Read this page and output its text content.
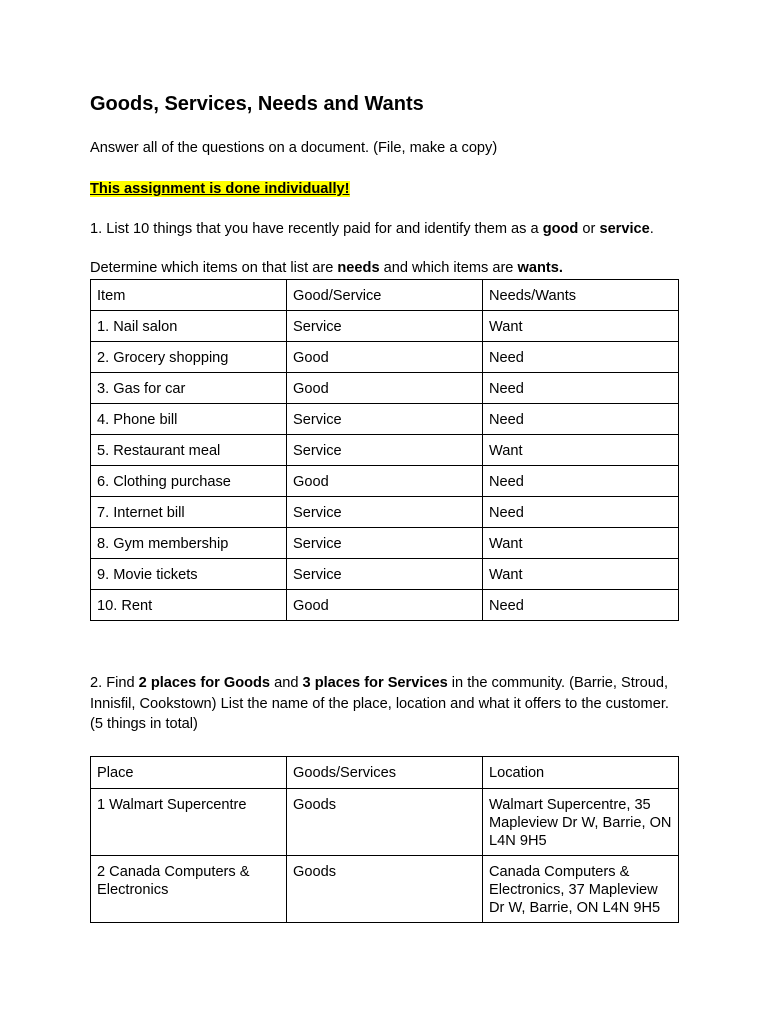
Goods, Services, Needs and Wants
Answer all of the questions on a document. (File, make a copy)
This assignment is done individually!
1. List 10 things that you have recently paid for and identify them as a good or service.
Determine which items on that list are needs and which items are wants.
Item	Good/Service	Needs/Wants
1. Nail salon	Service	Want
2. Grocery shopping	Good	Need
3. Gas for car	Good	Need
4. Phone bill	Service	Need
5. Restaurant meal	Service	Want
6. Clothing purchase	Good	Need
7. Internet bill	Service	Need
8. Gym membership	Service	Want
9. Movie tickets	Service	Want
10. Rent	Good	Need
2. Find 2 places for Goods and 3 places for Services in the community. (Barrie, Stroud, Innisfil, Cookstown) List the name of the place, location and what it offers to the customer. (5 things in total)
Place	Goods/Services	Location
1 Walmart Supercentre	Goods	Walmart Supercentre, 35 Mapleview Dr W, Barrie, ON L4N 9H5
2 Canada Computers & Electronics	Goods	Canada Computers & Electronics, 37 Mapleview Dr W, Barrie, ON L4N 9H5
